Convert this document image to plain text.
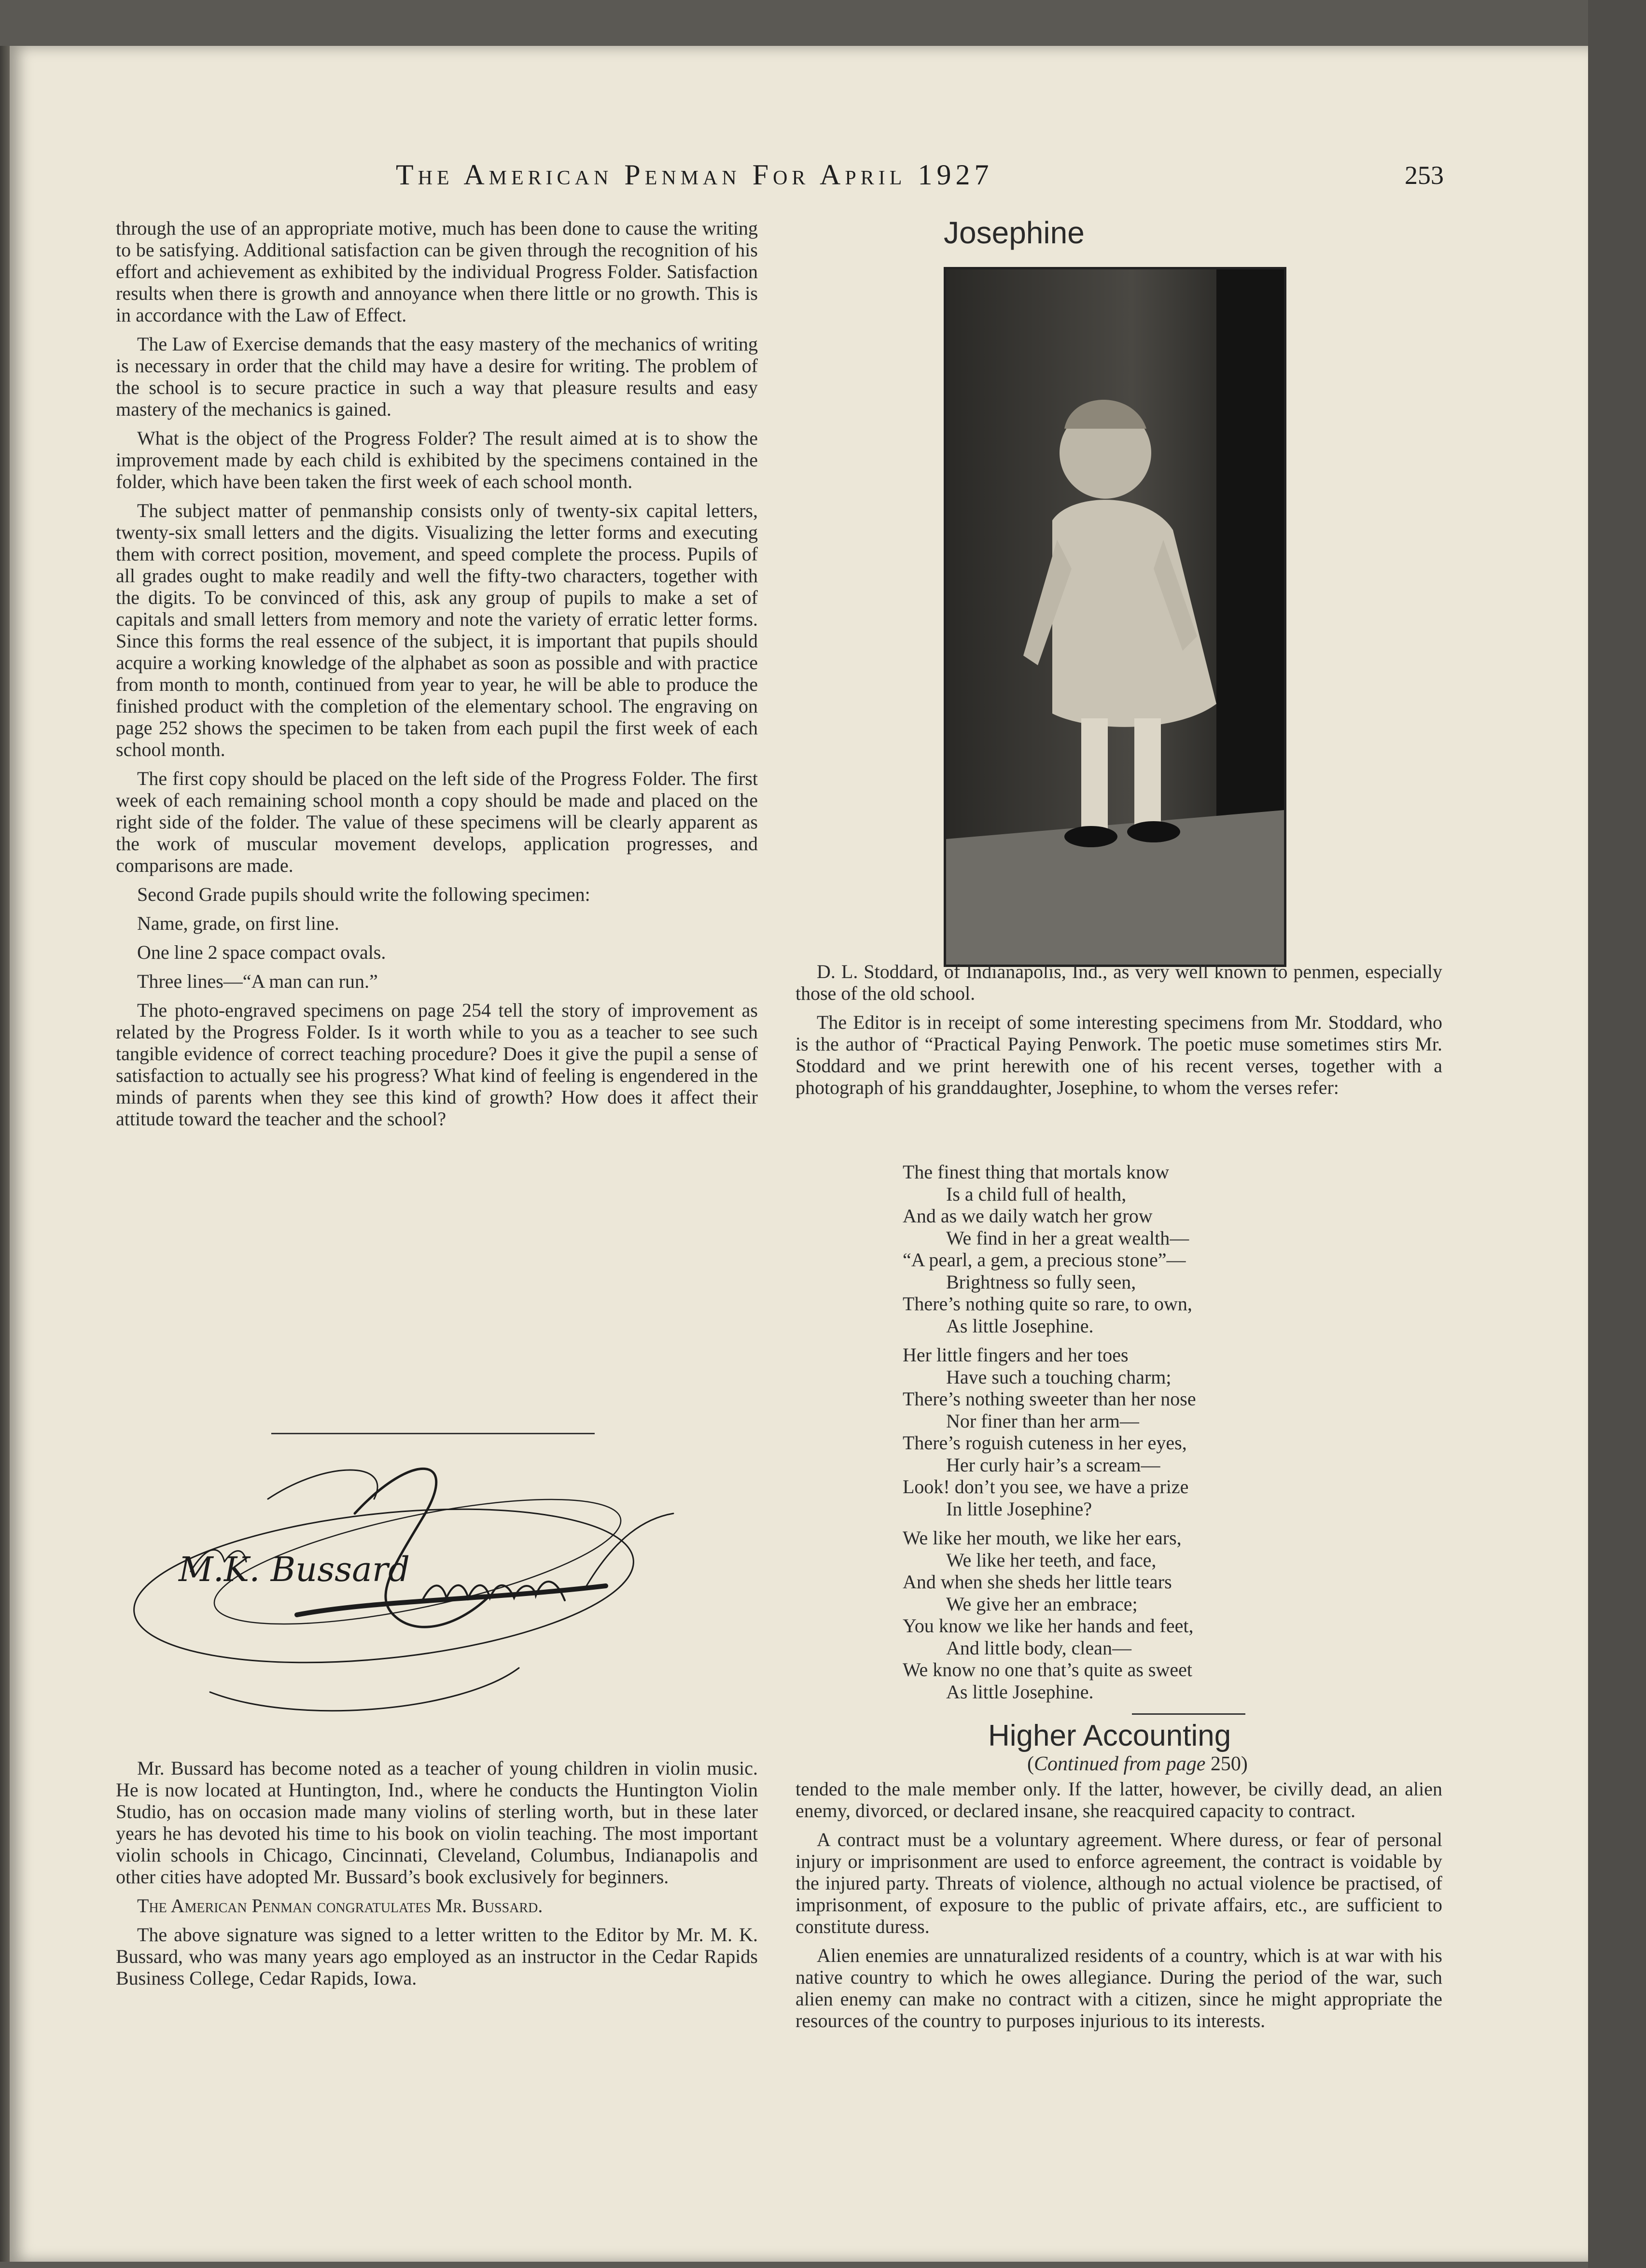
The American Penman For April 1927	253

through the use of an appropriate motive, much has been done to cause the writing to be satisfying. Additional satisfaction can be given through the recognition of his effort and achievement as exhibited by the individual Progress Folder. Satisfaction results when there is growth and annoyance when there little or no growth. This is in accordance with the Law of Effect.

The Law of Exercise demands that the easy mastery of the mechanics of writing is necessary in order that the child may have a desire for writing. The problem of the school is to secure practice in such a way that pleasure results and easy mastery of the mechanics is gained.

What is the object of the Progress Folder? The result aimed at is to show the improvement made by each child is exhibited by the specimens contained in the folder, which have been taken the first week of each school month.

The subject matter of penmanship consists only of twenty-six capital letters, twenty-six small letters and the digits. Visualizing the letter forms and executing them with correct position, movement, and speed complete the process. Pupils of all grades ought to make readily and well the fifty-two characters, together with the digits. To be convinced of this, ask any group of pupils to make a set of capitals and small letters from memory and note the variety of erratic letter forms. Since this forms the real essence of the subject, it is important that pupils should acquire a working knowledge of the alphabet as soon as possible and with practice from month to month, continued from year to year, he will be able to produce the finished product with the completion of the elementary school. The engraving on page 252 shows the specimen to be taken from each pupil the first week of each school month.

The first copy should be placed on the left side of the Progress Folder. The first week of each remaining school month a copy should be made and placed on the right side of the folder. The value of these specimens will be clearly apparent as the work of muscular movement develops, application progresses, and comparisons are made.

Second Grade pupils should write the following specimen:

Name, grade, on first line.

One line 2 space compact ovals.

Three lines—“A man can run.”

The photo-engraved specimens on page 254 tell the story of improvement as related by the Progress Folder. Is it worth while to you as a teacher to see such tangible evidence of correct teaching procedure? Does it give the pupil a sense of satisfaction to actually see his progress? What kind of feeling is engendered in the minds of parents when they see this kind of growth? How does it affect their attitude toward the teacher and the school?

M.K. Bussard

Mr. Bussard has become noted as a teacher of young children in violin music. He is now located at Huntington, Ind., where he conducts the Huntington Violin Studio, has on occasion made many violins of sterling worth, but in these later years he has devoted his time to his book on violin teaching. The most important violin schools in Chicago, Cincinnati, Cleveland, Columbus, Indianapolis and other cities have adopted Mr. Bussard’s book exclusively for beginners.

The American Penman congratulates Mr. Bussard.

The above signature was signed to a letter written to the Editor by Mr. M. K. Bussard, who was many years ago employed as an instructor in the Cedar Rapids Business College, Cedar Rapids, Iowa.

Josephine

D. L. Stoddard, of Indianapolis, Ind., as very well known to penmen, especially those of the old school.

The Editor is in receipt of some interesting specimens from Mr. Stoddard, who is the author of “Practical Paying Penwork. The poetic muse sometimes stirs Mr. Stoddard and we print herewith one of his recent verses, together with a photograph of his granddaughter, Josephine, to whom the verses refer:

The finest thing that mortals know
Is a child full of health,
And as we daily watch her grow
We find in her a great wealth—
“A pearl, a gem, a precious stone”—
Brightness so fully seen,
There’s nothing quite so rare, to own,
As little Josephine.
Her little fingers and her toes
Have such a touching charm;
There’s nothing sweeter than her nose
Nor finer than her arm—
There’s roguish cuteness in her eyes,
Her curly hair’s a scream—
Look! don’t you see, we have a prize
In little Josephine?
We like her mouth, we like her ears,
We like her teeth, and face,
And when she sheds her little tears
We give her an embrace;
You know we like her hands and feet,
And little body, clean—
We know no one that’s quite as sweet
As little Josephine.
Higher Accounting
(Continued from page 250)

tended to the male member only. If the latter, however, be civilly dead, an alien enemy, divorced, or declared insane, she reacquired capacity to contract.

A contract must be a voluntary agreement. Where duress, or fear of personal injury or imprisonment are used to enforce agreement, the contract is voidable by the injured party. Threats of violence, although no actual violence be practised, of imprisonment, of exposure to the public of private affairs, etc., are sufficient to constitute duress.

Alien enemies are unnaturalized residents of a country, which is at war with his native country to which he owes allegiance. During the period of the war, such alien enemy can make no contract with a citizen, since he might appropriate the resources of the country to purposes injurious to its interests.
